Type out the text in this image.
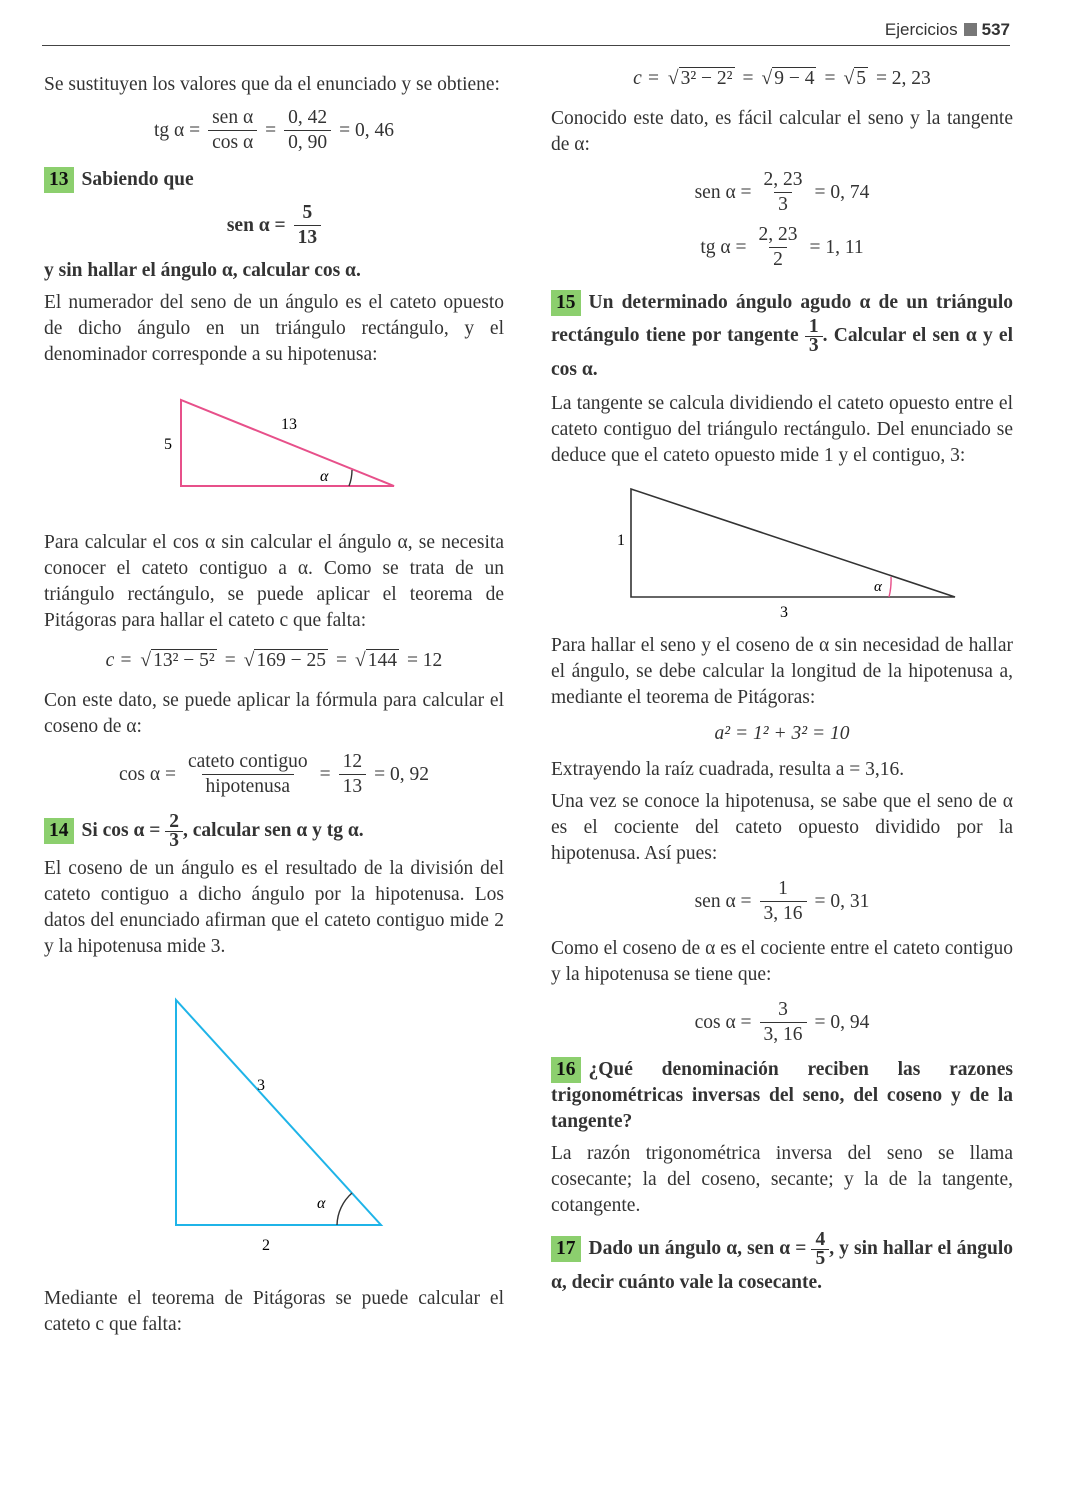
Ejercicios 537

Se sustituyen los valores que da el enunciado y se obtiene:

tg $\alpha = \frac{\text{sen α}}{\text{cos α}} = \frac{0, 42}{0, 90} = 0$, 46

13 Sabiendo que

sen $\alpha = \frac{5}{13}$

y sin hallar el ángulo α, calcular cos α.

El numerador del seno de un ángulo es el cateto opuesto de dicho ángulo en un triángulo rectángulo, y el denominador corresponde a su hipotenusa:

5
13
α

Para calcular el cos α sin calcular el ángulo α, se necesita conocer el cateto contiguo a α. Como se trata de un triángulo rectángulo, se puede aplicar el teorema de Pitágoras para hallar el cateto c que falta:

c = √ 13² − 5² = √ 169 − 25 = √ 144 = 12

Con este dato, se puede aplicar la fórmula para calcular el coseno de α:

$\cos \alpha = \frac{\text{cateto contiguo}}{\text{hipotenusa}} = \frac{12}{13} = 0$, 92

14 Si $\cos \alpha = \frac{2}{3}$ , calcular sen α y tg α.

El coseno de un ángulo es el resultado de la división del cateto contiguo a dicho ángulo por la hipotenusa. Los datos del enunciado afirman que el cateto contiguo mide 2 y la hipotenusa mide 3.

3
2
α

Mediante el teorema de Pitágoras se puede calcular el cateto c que falta:

c = √ 3² − 2² = √ 9 − 4 = √ 5 = 2, 23

Conocido este dato, es fácil calcular el seno y la tangente de α:

sen $\alpha = \frac{2, 23}{3} = 0$, 74
tg $\alpha = \frac{2, 23}{2} = 1$, 11

15 Un determinado ángulo agudo α de un triángulo rectángulo tiene por tangente $\frac{1}{3}$ . Calcular el sen α y el cos α.

La tangente se calcula dividiendo el cateto opuesto entre el cateto contiguo del triángulo rectángulo. Del enunciado se deduce que el cateto opuesto mide 1 y el contiguo, 3:

1
3
α

Para hallar el seno y el coseno de α sin necesidad de hallar el ángulo, se debe calcular la longitud de la hipotenusa a, mediante el teorema de Pitágoras:

a² = 1² + 3² = 10

Extrayendo la raíz cuadrada, resulta a = 3,16.

Una vez se conoce la hipotenusa, se sabe que el seno de α es el cociente del cateto opuesto dividido por la hipotenusa. Así pues:

sen $\alpha = \frac{1}{3, 16} = 0$, 31

Como el coseno de α es el cociente entre el cateto contiguo y la hipotenusa se tiene que:

$\cos \alpha = \frac{3}{3, 16} = 0$, 94

16 ¿Qué denominación reciben las razones trigonométricas inversas del seno, del coseno y de la tangente?

La razón trigonométrica inversa del seno se llama cosecante; la del coseno, secante; y la de la tangente, cotangente.

17 Dado un ángulo α, sen $\alpha = \frac{4}{5}$ , y sin hallar el ángulo α, decir cuánto vale la cosecante.
